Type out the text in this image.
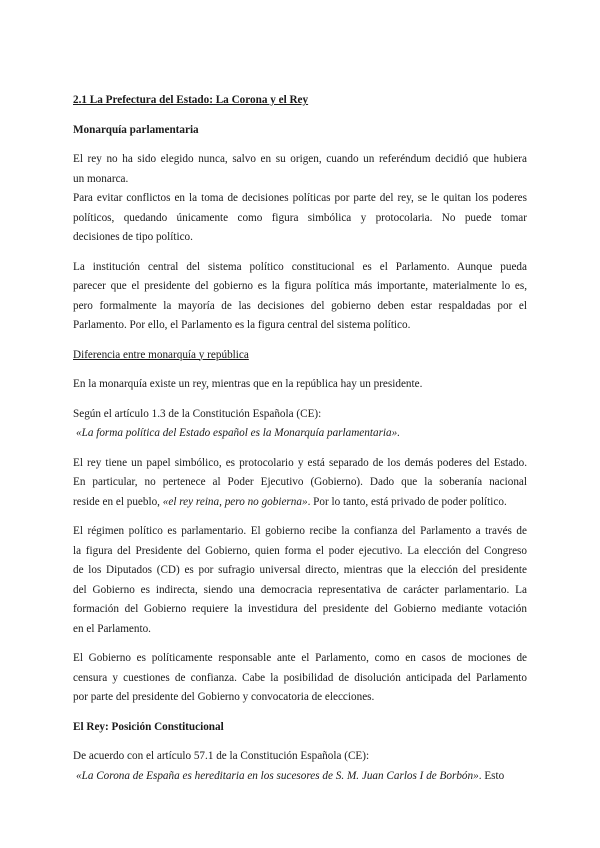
2.1 La Prefectura del Estado: La Corona y el Rey
Monarquía parlamentaria
El rey no ha sido elegido nunca, salvo en su origen, cuando un referéndum decidió que hubiera
un monarca.
Para evitar conflictos en la toma de decisiones políticas por parte del rey, se le quitan los poderes
políticos, quedando únicamente como figura simbólica y protocolaria. No puede tomar
decisiones de tipo político.
La institución central del sistema político constitucional es el Parlamento. Aunque pueda
parecer que el presidente del gobierno es la figura política más importante, materialmente lo es,
pero formalmente la mayoría de las decisiones del gobierno deben estar respaldadas por el
Parlamento. Por ello, el Parlamento es la figura central del sistema político.
Diferencia entre monarquía y república
En la monarquía existe un rey, mientras que en la república hay un presidente.
Según el artículo 1.3 de la Constitución Española (CE):
«La forma política del Estado español es la Monarquía parlamentaria».
El rey tiene un papel simbólico, es protocolario y está separado de los demás poderes del Estado.
En particular, no pertenece al Poder Ejecutivo (Gobierno). Dado que la soberanía nacional
reside en el pueblo, «el rey reina, pero no gobierna». Por lo tanto, está privado de poder político.
El régimen político es parlamentario. El gobierno recibe la confianza del Parlamento a través de
la figura del Presidente del Gobierno, quien forma el poder ejecutivo. La elección del Congreso
de los Diputados (CD) es por sufragio universal directo, mientras que la elección del presidente
del Gobierno es indirecta, siendo una democracia representativa de carácter parlamentario. La
formación del Gobierno requiere la investidura del presidente del Gobierno mediante votación
en el Parlamento.
El Gobierno es políticamente responsable ante el Parlamento, como en casos de mociones de
censura y cuestiones de confianza. Cabe la posibilidad de disolución anticipada del Parlamento
por parte del presidente del Gobierno y convocatoria de elecciones.
El Rey: Posición Constitucional
De acuerdo con el artículo 57.1 de la Constitución Española (CE):
«La Corona de España es hereditaria en los sucesores de S. M. Juan Carlos I de Borbón». Esto
